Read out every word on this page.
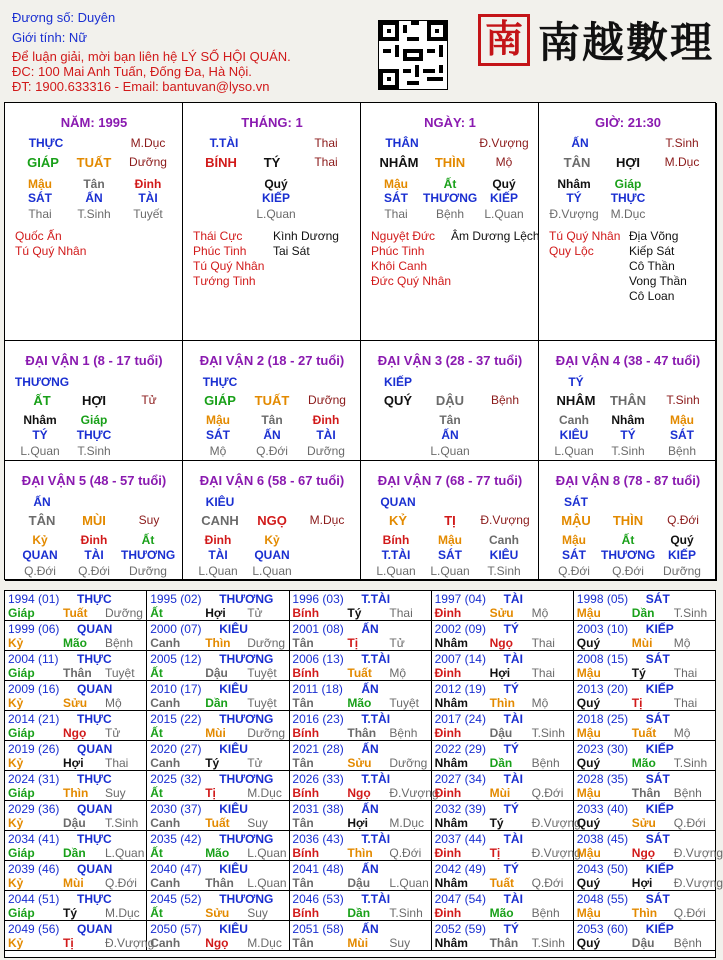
Đương số: Duyên
Giới tính: Nữ
Để luận giải, mời bạn liên hệ LÝ SỐ HỘI QUÁN.
ĐC: 100 Mai Anh Tuấn, Đống Đa, Hà Nội.
ĐT: 1900.633316 - Email: bantuvan@lyso.vn
南 南越數理
NĂM: 1995
THỰC	M.Dục
GIÁP	TUẤT	Dưỡng
Mậu
SÁT
Thai
Tân
ẤN
T.Sinh
Đinh
TÀI
Tuyết
Quốc Ấn
Tú Quý Nhân
THÁNG: 1
T.TÀI	Thai
BÍNH	TÝ	Thai
Quý
KIẾP
L.Quan
Thái Cực
Phúc Tinh
Tú Quý Nhân
Tướng Tinh
Kình Dương
Tai Sát
NGÀY: 1
THÂN	Đ.Vượng
NHÂM	THÌN	Mộ
Mậu
SÁT
Thai
Ất
THƯƠNG
Bệnh
Quý
KIẾP
L.Quan
Nguyệt Đức
Phúc Tinh
Khôi Canh
Đức Quý Nhân
Âm Dương Lệch
GIỜ: 21:30
ẤN	T.Sinh
TÂN	HỢI	M.Dục
Nhâm
TÝ
Đ.Vượng
Giáp
THỰC
M.Dục
Tú Quý Nhân
Quy Lộc
Địa Võng
Kiếp Sát
Cô Thần
Vong Thần
Cô Loan
ĐẠI VẬN 1 (8 - 17 tuổi)
THƯƠNG
ẤT	HỢI	Tử
Nhâm
TÝ
L.Quan
Giáp
THỰC
T.Sinh
ĐẠI VẬN 2 (18 - 27 tuổi)
THỰC
GIÁP	TUẤT	Dưỡng
Mậu
SÁT
Mộ
Tân
ẤN
Q.Đới
Đinh
TÀI
Dưỡng
ĐẠI VẬN 3 (28 - 37 tuổi)
KIẾP
QUÝ	DẬU	Bệnh
Tân
ẤN
L.Quan
ĐẠI VẬN 4 (38 - 47 tuổi)
TÝ
NHÂM	THÂN	T.Sinh
Canh
KIÊU
L.Quan
Nhâm
TÝ
T.Sinh
Mậu
SÁT
Bệnh
ĐẠI VẬN 5 (48 - 57 tuổi)
ẤN
TÂN	MÙI	Suy
Kỷ
QUAN
Q.Đới
Đinh
TÀI
Q.Đới
Ất
THƯƠNG
Dưỡng
ĐẠI VẬN 6 (58 - 67 tuổi)
KIÊU
CANH	NGỌ	M.Dục
Đinh
TÀI
L.Quan
Kỷ
QUAN
L.Quan
ĐẠI VẬN 7 (68 - 77 tuổi)
QUAN
KỶ	TỊ	Đ.Vượng
Bính
T.TÀI
L.Quan
Mậu
SÁT
L.Quan
Canh
KIÊU
T.Sinh
ĐẠI VẬN 8 (78 - 87 tuổi)
SÁT
MẬU	THÌN	Q.Đới
Mậu
SÁT
Q.Đới
Ất
THƯƠNG
Q.Đới
Quý
KIẾP
Dưỡng
1994 (01) THỰC
Giáp Tuất Dưỡng
1995 (02) THƯƠNG
Ất	Hợi Tử
1996 (03) T.TÀI
Bính Tý Thai
1997 (04) TÀI
Đinh Sửu Mộ
1998 (05) SÁT
Mậu	Dần T.Sinh
1999 (06) QUAN
Kỷ	Mão Bệnh
2000 (07) KIÊU
Canh Thìn Dưỡng
2001 (08) ẤN
Tân	Tị	Tử
2002 (09) TÝ
Nhâm Ngọ Thai
2003 (10) KIẾP
Quý	Mùi Mộ
2004 (11) THỰC
Giáp Thân Tuyệt
2005 (12) THƯƠNG
Ất	Dậu Tuyệt
2006 (13) T.TÀI
Bính Tuất Mộ
2007 (14) TÀI
Đinh Hợi Thai
2008 (15) SÁT
Mậu	Tý Thai
2009 (16) QUAN
Kỷ	Sửu Mộ
2010 (17) KIÊU
Canh Dần Tuyệt
2011 (18) ẤN
Tân	Mão Tuyệt
2012 (19) TÝ
Nhâm Thìn Mộ
2013 (20) KIẾP
Quý	Tị	Thai
2014 (21) THỰC
Giáp Ngọ Tử
2015 (22) THƯƠNG
Ất	Mùi Dưỡng
2016 (23) T.TÀI
Bính Thân Bệnh
2017 (24) TÀI
Đinh Dậu T.Sinh
2018 (25) SÁT
Mậu	Tuất Mộ
2019 (26) QUAN
Kỷ	Hợi Thai
2020 (27) KIÊU
Canh Tý Tử
2021 (28) ẤN
Tân	Sửu Dưỡng
2022 (29) TÝ
Nhâm Dần Bệnh
2023 (30) KIẾP
Quý	Mão T.Sinh
2024 (31) THỰC
Giáp Thìn Suy
2025 (32) THƯƠNG
Ất	Tị	M.Dục
2026 (33) T.TÀI
Bính Ngọ Đ.Vượng
2027 (34) TÀI
Đinh Mùi Q.Đới
2028 (35) SÁT
Mậu	Thân Bệnh
2029 (36) QUAN
Kỷ	Dậu T.Sinh
2030 (37) KIÊU
Canh Tuất Suy
2031 (38) ẤN
Tân	Hợi M.Dục
2032 (39) TÝ
Nhâm Tý Đ.Vượng
2033 (40) KIẾP
Quý	Sửu Q.Đới
2034 (41) THỰC
Giáp Dần L.Quan
2035 (42) THƯƠNG
Ất	Mão L.Quan
2036 (43) T.TÀI
Bính Thìn Q.Đới
2037 (44) TÀI
Đinh Tị	Đ.Vượng
2038 (45) SÁT
Mậu	Ngọ Đ.Vượng
2039 (46) QUAN
Kỷ	Mùi Q.Đới
2040 (47) KIÊU
Canh Thân L.Quan
2041 (48) ẤN
Tân	Dậu L.Quan
2042 (49) TÝ
Nhâm Tuất Q.Đới
2043 (50) KIẾP
Quý	Hợi Đ.Vượng
2044 (51) THỰC
Giáp Tý M.Dục
2045 (52) THƯƠNG
Ất	Sửu Suy
2046 (53) T.TÀI
Bính Dần T.Sinh
2047 (54) TÀI
Đinh Mão Bệnh
2048 (55) SÁT
Mậu	Thìn Q.Đới
2049 (56) QUAN
Kỷ	Tị	Đ.Vượng
2050 (57) KIÊU
Canh Ngọ M.Dục
2051 (58) ẤN
Tân	Mùi Suy
2052 (59) TÝ
Nhâm Thân T.Sinh
2053 (60) KIẾP
Quý	Dậu Bệnh
